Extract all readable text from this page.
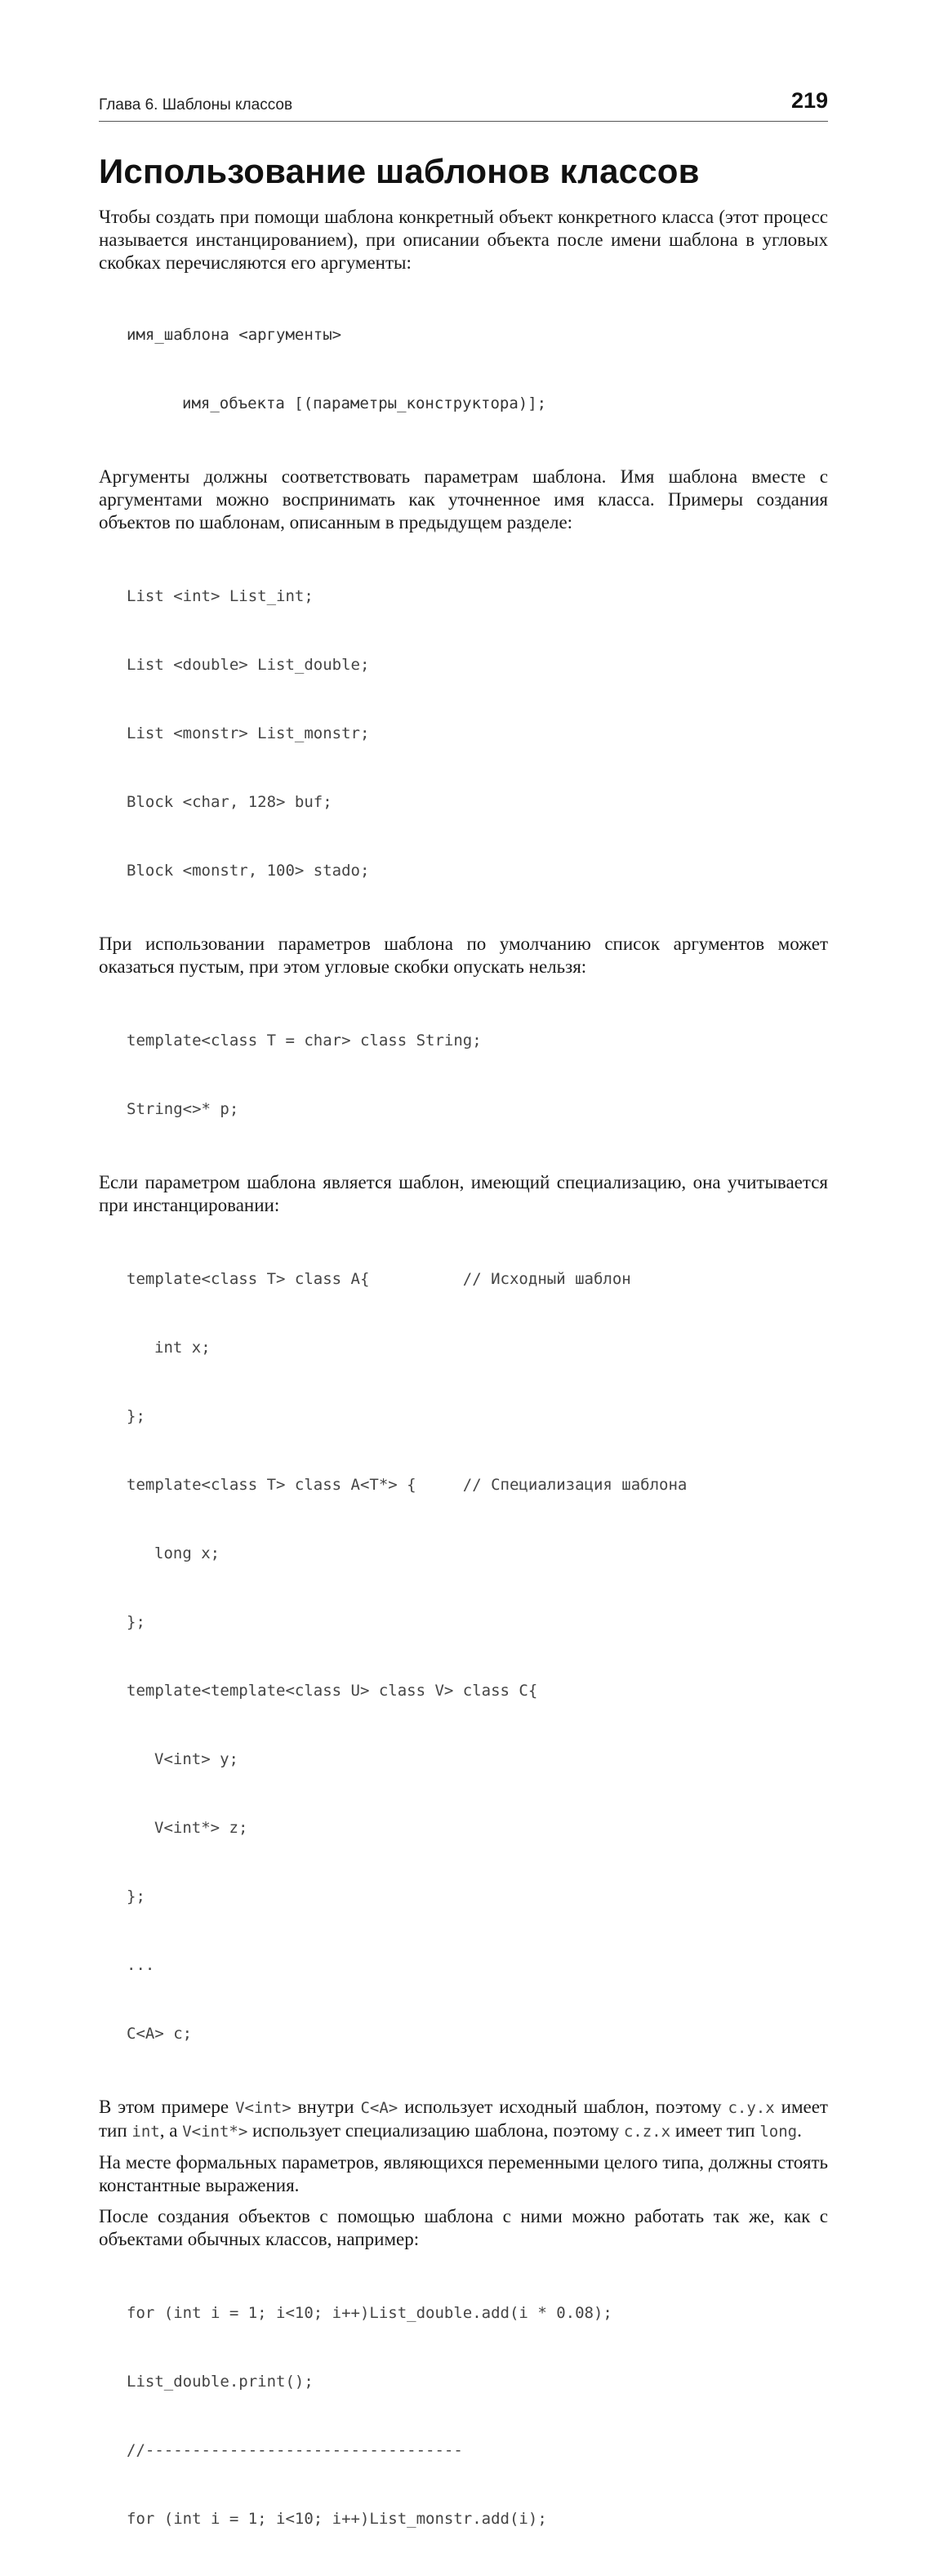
Глава 6. Шаблоны классов	219
Использование шаблонов классов

Чтобы создать при помощи шаблона конкретный объект конкретного класса (этот процесс называется инстанцированием), при описании объекта после имени шаблона в угловых скобках перечисляются его аргументы:

имя_шаблона <аргументы>

имя_объекта [(параметры_конструктора)];

Аргументы должны соответствовать параметрам шаблона. Имя шаблона вместе с аргументами можно воспринимать как уточненное имя класса. Примеры создания объектов по шаблонам, описанным в предыдущем разделе:

List <int> List_int;

List <double> List_double;

List <monstr> List_monstr;

Block <char, 128> buf;

Block <monstr, 100> stado;

При использовании параметров шаблона по умолчанию список аргументов может оказаться пустым, при этом угловые скобки опускать нельзя:

template<class T = char> class String;

String<>* p;

Если параметром шаблона является шаблон, имеющий специализацию, она учитывается при инстанцировании:

template<class T> class A{          // Исходный шаблон

int x;

};

template<class T> class A<T*> {     // Специализация шаблона

long x;

};

template<template<class U> class V> class C{

V<int> y;

V<int*> z;

};

...

C<A> c;

В этом примере V<int> внутри C<A> использует исходный шаблон, поэтому c.y.x имеет тип int, а V<int*> использует специализацию шаблона, поэтому c.z.x имеет тип long.

На месте формальных параметров, являющихся переменными целого типа, должны стоять константные выражения.

После создания объектов с помощью шаблона с ними можно работать так же, как с объектами обычных классов, например:

for (int i = 1; i<10; i++)List_double.add(i * 0.08);

List_double.print();

//----------------------------------

for (int i = 1; i<10; i++)List_monstr.add(i);
